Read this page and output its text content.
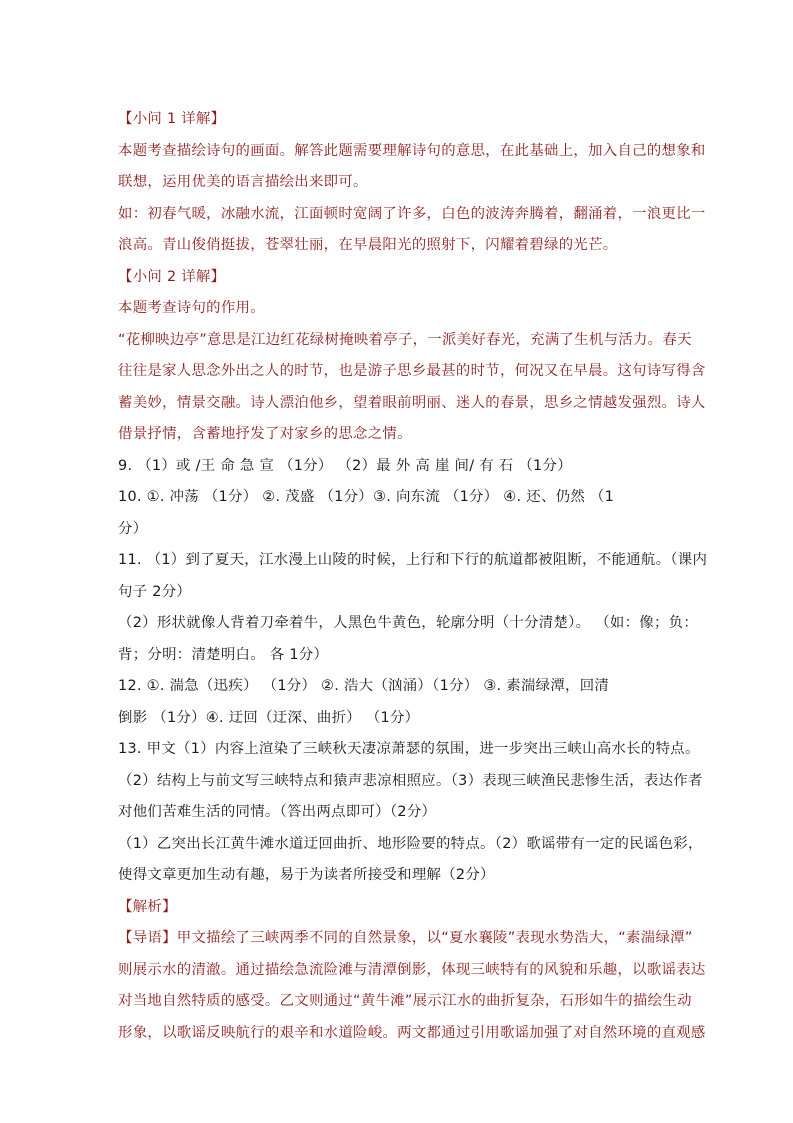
【小问 1 详解】
本题考查描绘诗句的画面。解答此题需要理解诗句的意思，在此基础上，加入自己的想象和
联想，运用优美的语言描绘出来即可。
如：初春气暖，冰融水流，江面顿时宽阔了许多，白色的波涛奔腾着，翻涌着，一浪更比一
浪高。青山俊俏挺拔，苍翠壮丽，在早晨阳光的照射下，闪耀着碧绿的光芒。
【小问 2 详解】
本题考查诗句的作用。
“花柳映边亭”意思是江边红花绿树掩映着亭子，一派美好春光，充满了生机与活力。春天
往往是家人思念外出之人的时节，也是游子思乡最甚的时节，何况又在早晨。这句诗写得含
蓄美妙，情景交融。诗人漂泊他乡，望着眼前明丽、迷人的春景，思乡之情越发强烈。诗人
借景抒情，含蓄地抒发了对家乡的思念之情。
9. （1）或 /王 命 急 宣 （1分） （2）最 外 高 崖 间/ 有 石 （1分）
10. ①. 冲荡 （1分） ②. 茂盛 （1分）③. 向东流 （1分） ④. 还、仍然 （1
分）
11. （1）到了夏天，江水漫上山陵的时候，上行和下行的航道都被阻断，不能通航。（课内
句子 2分）
（2）形状就像人背着刀牵着牛，人黑色牛黄色，轮廓分明（十分清楚）。 （如：像；负：
背；分明：清楚明白。 各 1分）
12. ①. 湍急（迅疾） （1分） ②. 浩大（汹涌）（1分） ③. 素湍绿潭，回清
倒影 （1分）④. 迂回（迂深、曲折） （1分）
13. 甲文（1）内容上渲染了三峡秋天凄凉萧瑟的氛围，进一步突出三峡山高水长的特点。
（2）结构上与前文写三峡特点和猿声悲凉相照应。（3）表现三峡渔民悲惨生活，表达作者
对他们苦难生活的同情。（答出两点即可）（2分）
（1）乙突出长江黄牛滩水道迂回曲折、地形险要的特点。（2）歌谣带有一定的民谣色彩，
使得文章更加生动有趣，易于为读者所接受和理解（2分）
【解析】
【导语】甲文描绘了三峡两季不同的自然景象，以“夏水襄陵”表现水势浩大，“素湍绿潭”
则展示水的清澈。通过描绘急流险滩与清潭倒影，体现三峡特有的风貌和乐趣，以歌谣表达
对当地自然特质的感受。乙文则通过“黄牛滩”展示江水的曲折复杂，石形如牛的描绘生动
形象，以歌谣反映航行的艰辛和水道险峻。两文都通过引用歌谣加强了对自然环境的直观感
